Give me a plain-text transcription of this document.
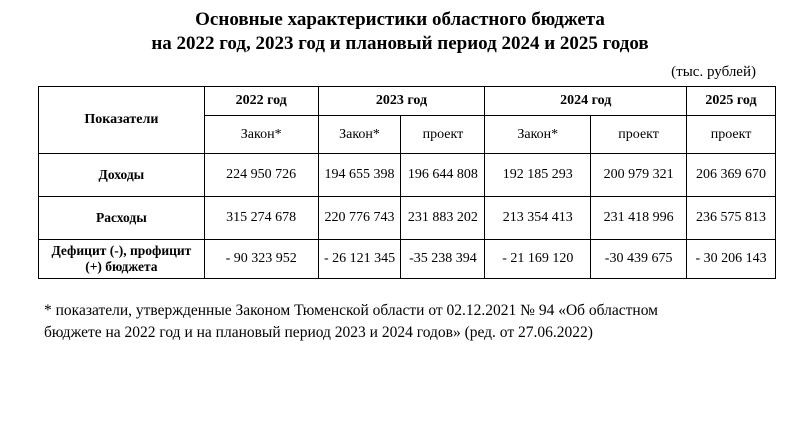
Основные характеристики областного бюджета
на 2022 год, 2023 год и плановый период 2024 и 2025 годов
(тыс. рублей)
Показатели	2022 год	2023 год		2024 год		2025 год
	Закон*	Закон*	проект	Закон*	проект	проект
Доходы	224 950 726	194 655 398	196 644 808	192 185 293	200 979 321	206 369 670
Расходы	315 274 678	220 776 743	231 883 202	213 354 413	231 418 996	236 575 813

Дефицит (-), профицит
(+) бюджета	- 90 323 952	- 26 121 345	-35 238 394	- 21 169 120	-30 439 675	- 30 206 143
* показатели, утвержденные Законом Тюменской области от 02.12.2021 № 94 «Об областном
бюджете на 2022 год и на плановый период 2023 и 2024 годов» (ред. от 27.06.2022)
